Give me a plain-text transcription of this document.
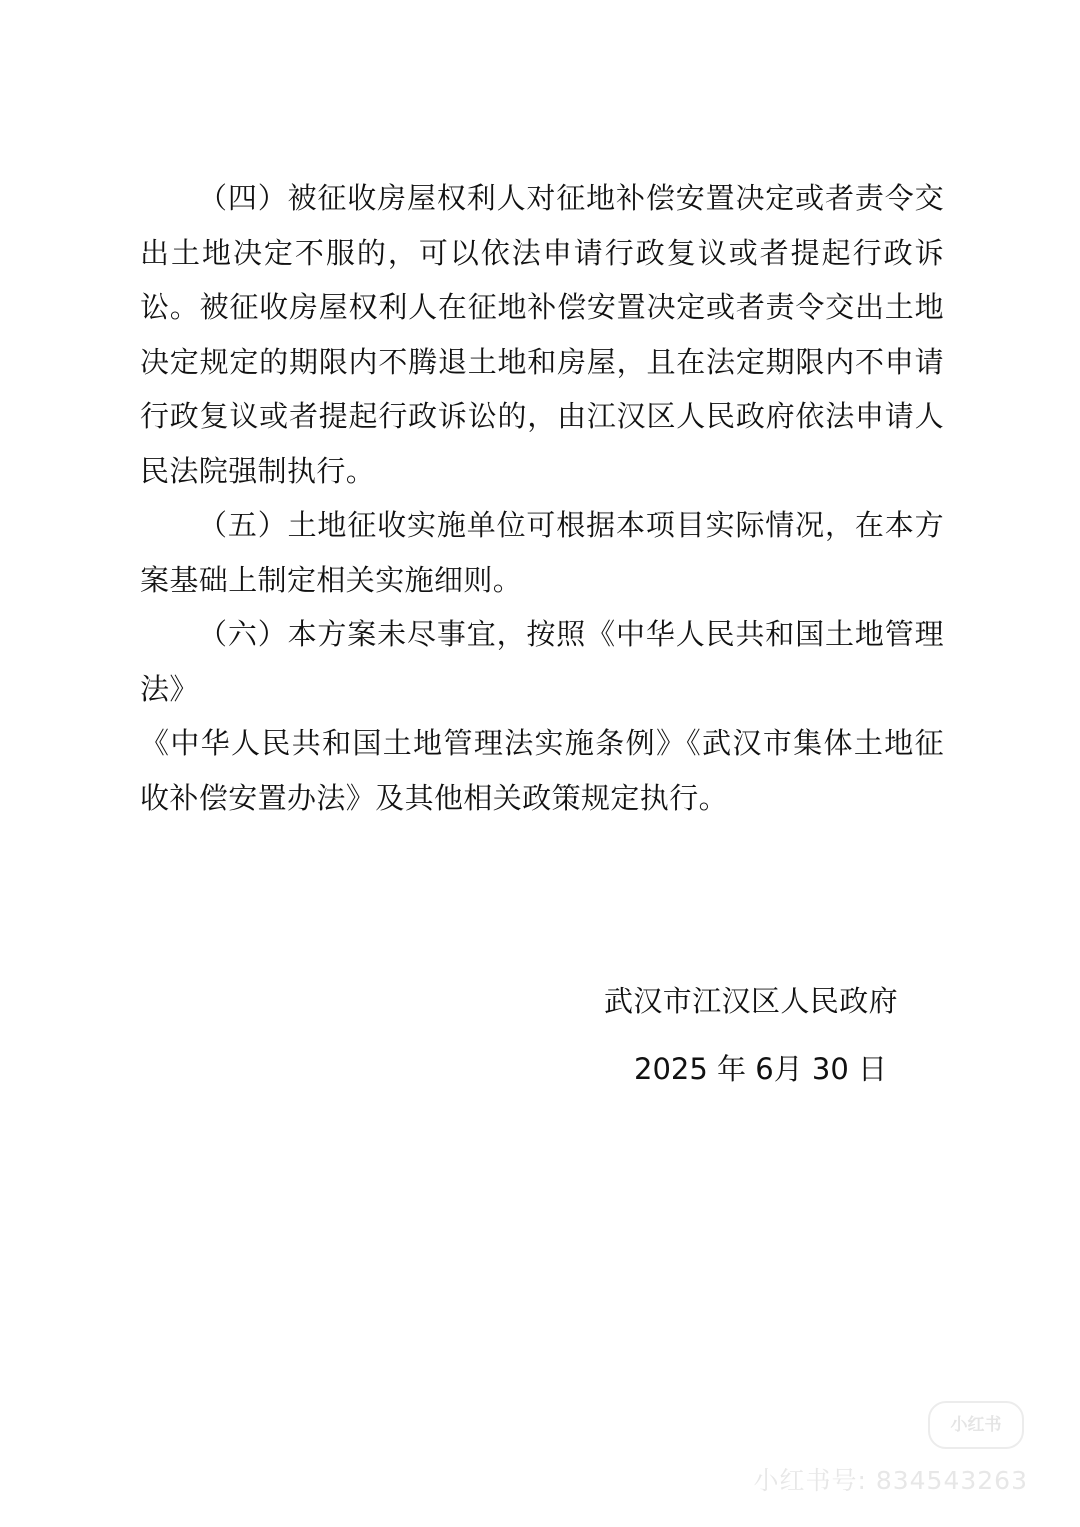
（四）被征收房屋权利人对征地补偿安置决定或者责令交出土地决定不服的，可以依法申请行政复议或者提起行政诉讼。被征收房屋权利人在征地补偿安置决定或者责令交出土地决定规定的期限内不腾退土地和房屋，且在法定期限内不申请行政复议或者提起行政诉讼的，由江汉区人民政府依法申请人民法院强制执行。

（五）土地征收实施单位可根据本项目实际情况，在本方案基础上制定相关实施细则。

（六）本方案未尽事宜，按照《中华人民共和国土地管理法》

《中华人民共和国土地管理法实施条例》《武汉市集体土地征收补偿安置办法》及其他相关政策规定执行。

武汉市江汉区人民政府
2025 年 6月 30 日
小红书
小红书号: 834543263
